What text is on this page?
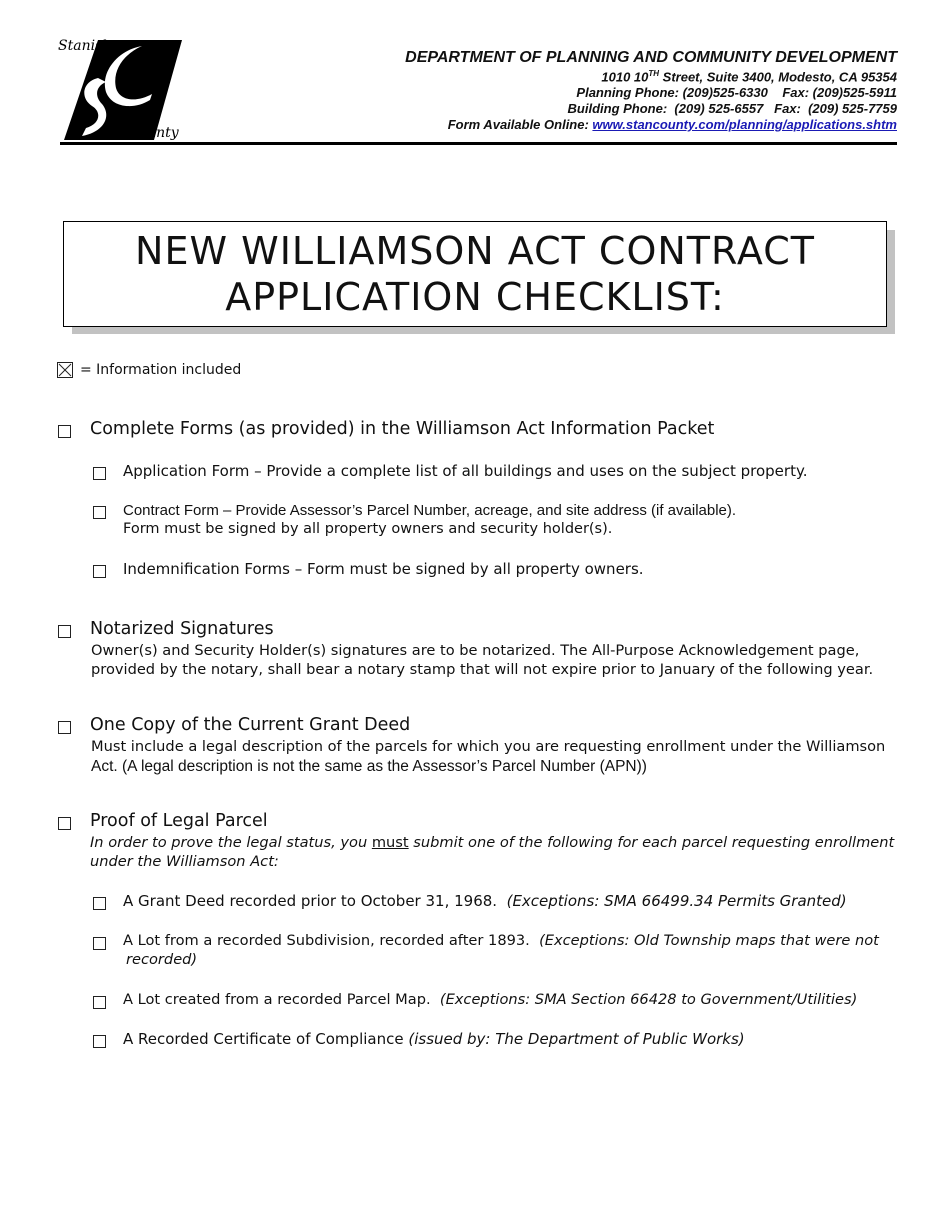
Stanislaus
County
DEPARTMENT OF PLANNING AND COMMUNITY DEVELOPMENT
1010 10TH Street, Suite 3400, Modesto, CA 95354
Planning Phone: (209)525-6330    Fax: (209)525-5911
Building Phone:  (209) 525-6557   Fax:  (209) 525-7759
Form Available Online: www.stancounty.com/planning/applications.shtm
NEW WILLIAMSON ACT CONTRACT
APPLICATION CHECKLIST:
= Information included
Complete Forms (as provided) in the Williamson Act Information Packet
Application Form – Provide a complete list of all buildings and uses on the subject property.
Contract Form – Provide Assessor’s Parcel Number, acreage, and site address (if available).
Form must be signed by all property owners and security holder(s).
Indemnification Forms – Form must be signed by all property owners.
Notarized Signatures
Owner(s) and Security Holder(s) signatures are to be notarized. The All-Purpose Acknowledgement page,
provided by the notary, shall bear a notary stamp that will not expire prior to January of the following year.
One Copy of the Current Grant Deed
Must include a legal description of the parcels for which you are requesting enrollment under the Williamson
Act. (A legal description is not the same as the Assessor’s Parcel Number (APN))
Proof of Legal Parcel
In order to prove the legal status, you must submit one of the following for each parcel requesting enrollment
under the Williamson Act:
A Grant Deed recorded prior to October 31, 1968.  (Exceptions: SMA 66499.34 Permits Granted)
A Lot from a recorded Subdivision, recorded after 1893.  (Exceptions: Old Township maps that were not
recorded)
A Lot created from a recorded Parcel Map.  (Exceptions: SMA Section 66428 to Government/Utilities)
A Recorded Certificate of Compliance (issued by: The Department of Public Works)
